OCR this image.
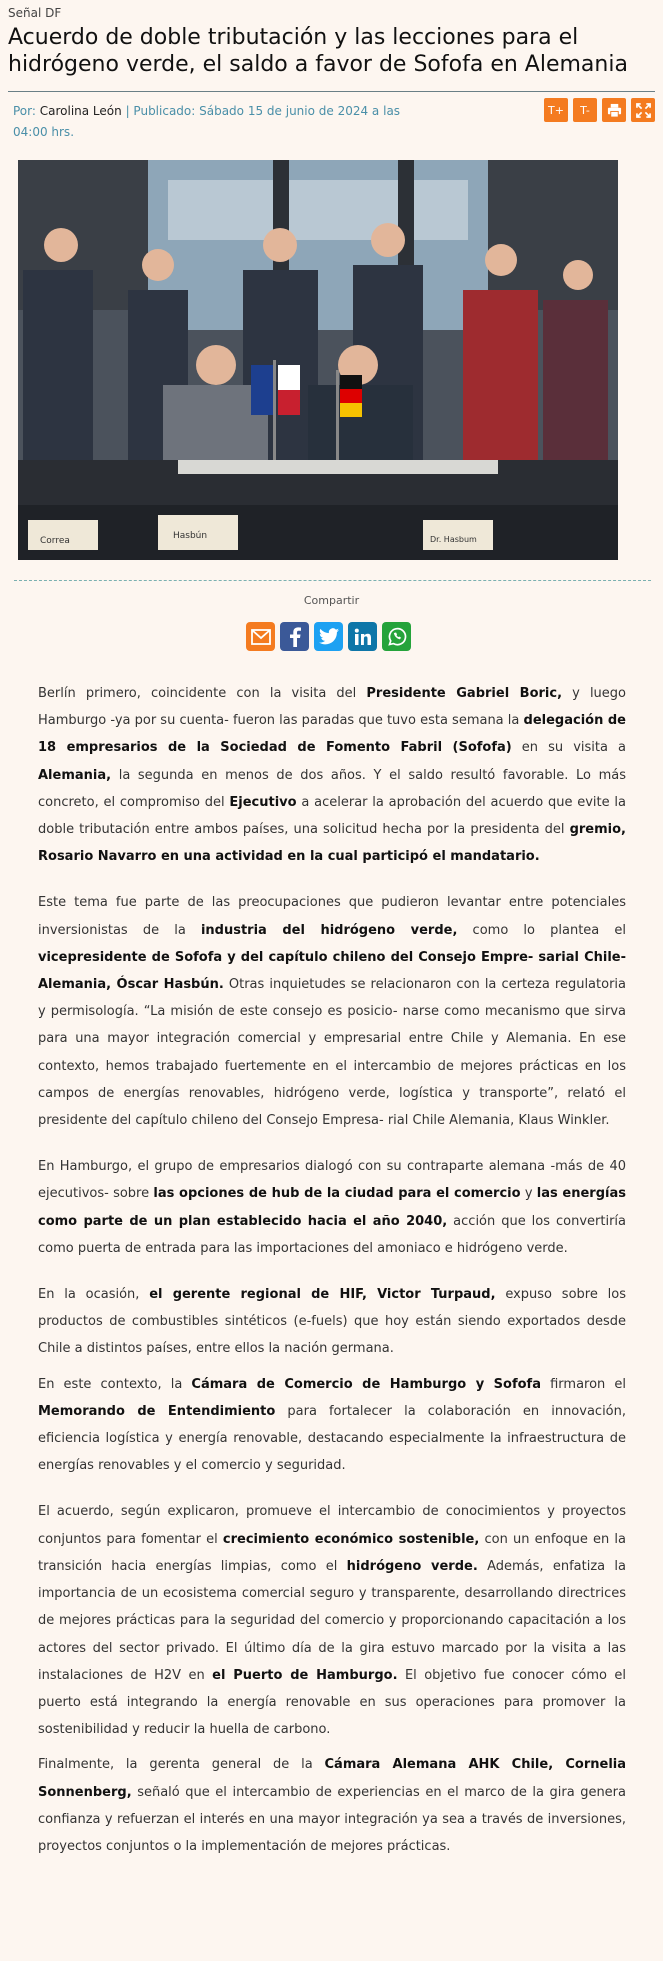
Señal DF
Acuerdo de doble tributación y las lecciones para el hidrógeno verde, el saldo a favor de Sofofa en Alemania
Por: Carolina León | Publicado: Sábado 15 de junio de 2024 a las 04:00 hrs.
T+	T-
Correa	Hasbún	Dr. Hasbum
Compartir

Berlín primero, coincidente con la visita del Presidente Gabriel Boric, y luego Hamburgo -ya por su cuenta- fueron las paradas que tuvo esta semana la delegación de 18 empresarios de la Sociedad de Fomento Fabril (Sofofa) en su visita a Alemania, la segunda en menos de dos años. Y el saldo resultó favorable. Lo más concreto, el compromiso del Ejecutivo a acelerar la aprobación del acuerdo que evite la doble tributación entre ambos países, una solicitud hecha por la presidenta del gremio, Rosario Navarro en una actividad en la cual participó el mandatario.

Este tema fue parte de las preocupaciones que pudieron levantar entre potenciales inversionistas de la industria del hidrógeno verde, como lo plantea el vicepresidente de Sofofa y del capítulo chileno del Consejo Empre- sarial Chile-Alemania, Óscar Hasbún. Otras inquietudes se relacionaron con la certeza regulatoria y permisología. “La misión de este consejo es posicio- narse como mecanismo que sirva para una mayor integración comercial y empresarial entre Chile y Alemania. En ese contexto, hemos trabajado fuertemente en el intercambio de mejores prácticas en los campos de energías renovables, hidrógeno verde, logística y transporte”, relató el presidente del capítulo chileno del Consejo Empresa- rial Chile Alemania, Klaus Winkler.

En Hamburgo, el grupo de empresarios dialogó con su contraparte alemana -más de 40 ejecutivos- sobre las opciones de hub de la ciudad para el comercio y las energías como parte de un plan establecido hacia el año 2040, acción que los convertiría como puerta de entrada para las importaciones del amoniaco e hidrógeno verde.

En la ocasión, el gerente regional de HIF, Victor Turpaud, expuso sobre los productos de combustibles sintéticos (e-fuels) que hoy están siendo exportados desde Chile a distintos países, entre ellos la nación germana.

En este contexto, la Cámara de Comercio de Hamburgo y Sofofa firmaron el Memorando de Entendimiento para fortalecer la colaboración en innovación, eficiencia logística y energía renovable, destacando especialmente la infraestructura de energías renovables y el comercio y seguridad.

El acuerdo, según explicaron, promueve el intercambio de conocimientos y proyectos conjuntos para fomentar el crecimiento económico sostenible, con un enfoque en la transición hacia energías limpias, como el hidrógeno verde. Además, enfatiza la importancia de un ecosistema comercial seguro y transparente, desarrollando directrices de mejores prácticas para la seguridad del comercio y proporcionando capacitación a los actores del sector privado. El último día de la gira estuvo marcado por la visita a las instalaciones de H2V en el Puerto de Hamburgo. El objetivo fue conocer cómo el puerto está integrando la energía renovable en sus operaciones para promover la sostenibilidad y reducir la huella de carbono.

Finalmente, la gerenta general de la Cámara Alemana AHK Chile, Cornelia Sonnenberg, señaló que el intercambio de experiencias en el marco de la gira genera confianza y refuerzan el interés en una mayor integración ya sea a través de inversiones, proyectos conjuntos o la implementación de mejores prácticas.
